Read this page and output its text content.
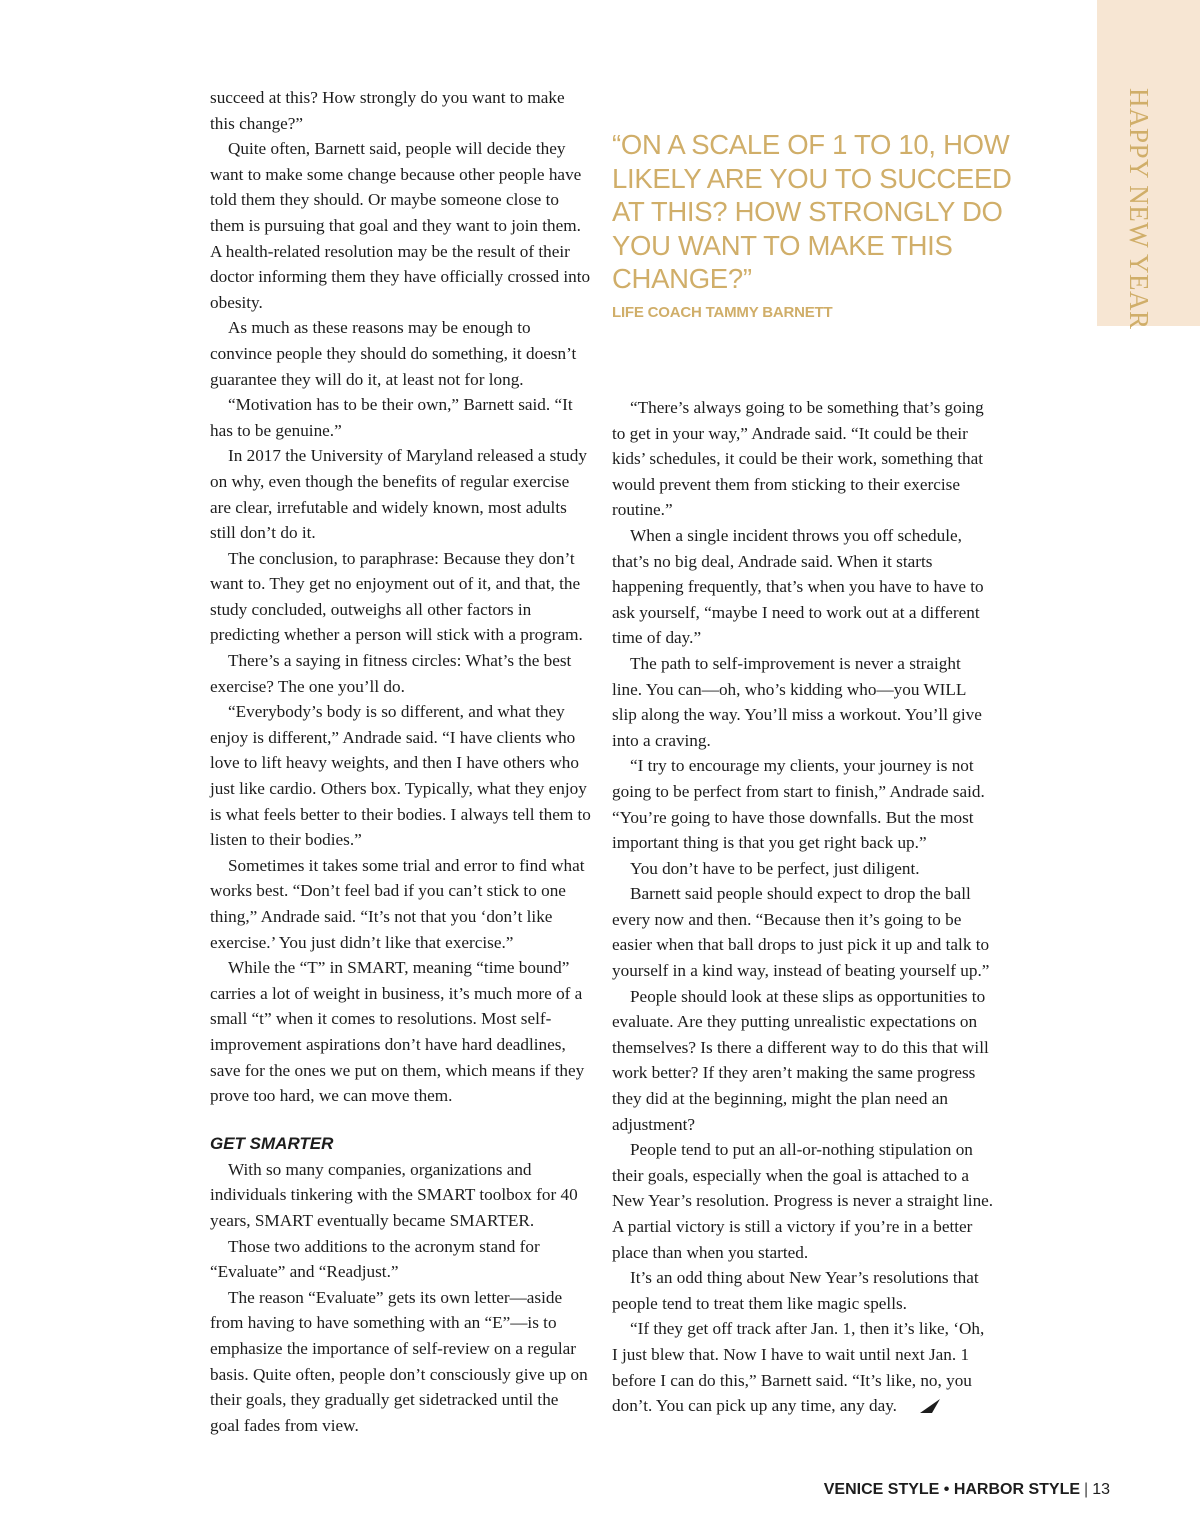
HAPPY NEW YEAR

succeed at this? How strongly do you want to make this change?”

Quite often, Barnett said, people will decide they want to make some change because other people have told them they should. Or maybe someone close to them is pursuing that goal and they want to join them. A health-related resolution may be the result of their doctor informing them they have officially crossed into obesity.

As much as these reasons may be enough to convince people they should do something, it doesn’t guarantee they will do it, at least not for long.

“Motivation has to be their own,” Barnett said. “It has to be genuine.”

In 2017 the University of Maryland released a study on why, even though the benefits of regular exercise are clear, irrefutable and widely known, most adults still don’t do it.

The conclusion, to paraphrase: Because they don’t want to. They get no enjoyment out of it, and that, the study concluded, outweighs all other factors in predicting whether a person will stick with a program.

There’s a saying in fitness circles: What’s the best exercise? The one you’ll do.

“Everybody’s body is so different, and what they enjoy is different,” Andrade said. “I have clients who love to lift heavy weights, and then I have others who just like cardio. Others box. Typically, what they enjoy is what feels better to their bodies. I always tell them to listen to their bodies.”

Sometimes it takes some trial and error to find what works best. “Don’t feel bad if you can’t stick to one thing,” Andrade said. “It’s not that you ‘don’t like exercise.’ You just didn’t like that exercise.”

While the “T” in SMART, meaning “time bound” carries a lot of weight in business, it’s much more of a small “t” when it comes to resolutions. Most self-improvement aspirations don’t have hard deadlines, save for the ones we put on them, which means if they prove too hard, we can move them.

GET SMARTER

With so many companies, organizations and individuals tinkering with the SMART toolbox for 40 years, SMART eventually became SMARTER.

Those two additions to the acronym stand for “Evaluate” and “Readjust.”

The reason “Evaluate” gets its own letter—aside from having to have something with an “E”—is to emphasize the importance of self-review on a regular basis. Quite often, people don’t consciously give up on their goals, they gradually get sidetracked until the goal fades from view.

“ON A SCALE OF 1 TO 10, HOW LIKELY ARE YOU TO SUCCEED AT THIS? HOW STRONGLY DO YOU WANT TO MAKE THIS CHANGE?”
LIFE COACH TAMMY BARNETT

“There’s always going to be something that’s going to get in your way,” Andrade said. “It could be their kids’ schedules, it could be their work, something that would prevent them from sticking to their exercise routine.”

When a single incident throws you off schedule, that’s no big deal, Andrade said. When it starts happening frequently, that’s when you have to have to ask yourself, “maybe I need to work out at a different time of day.”

The path to self-improvement is never a straight line. You can—oh, who’s kidding who—you WILL slip along the way. You’ll miss a workout. You’ll give into a craving.

“I try to encourage my clients, your journey is not going to be perfect from start to finish,” Andrade said. “You’re going to have those downfalls. But the most important thing is that you get right back up.”

You don’t have to be perfect, just diligent.

Barnett said people should expect to drop the ball every now and then. “Because then it’s going to be easier when that ball drops to just pick it up and talk to yourself in a kind way, instead of beating yourself up.”

People should look at these slips as opportunities to evaluate. Are they putting unrealistic expectations on themselves? Is there a different way to do this that will work better? If they aren’t making the same progress they did at the beginning, might the plan need an adjustment?

People tend to put an all-or-nothing stipulation on their goals, especially when the goal is attached to a New Year’s resolution. Progress is never a straight line. A partial victory is still a victory if you’re in a better place than when you started.

It’s an odd thing about New Year’s resolutions that people tend to treat them like magic spells.

“If they get off track after Jan. 1, then it’s like, ‘Oh, I just blew that. Now I have to wait until next Jan. 1 before I can do this,” Barnett said. “It’s like, no, you don’t. You can pick up any time, any day.

VENICE STYLE • HARBOR STYLE | 13
